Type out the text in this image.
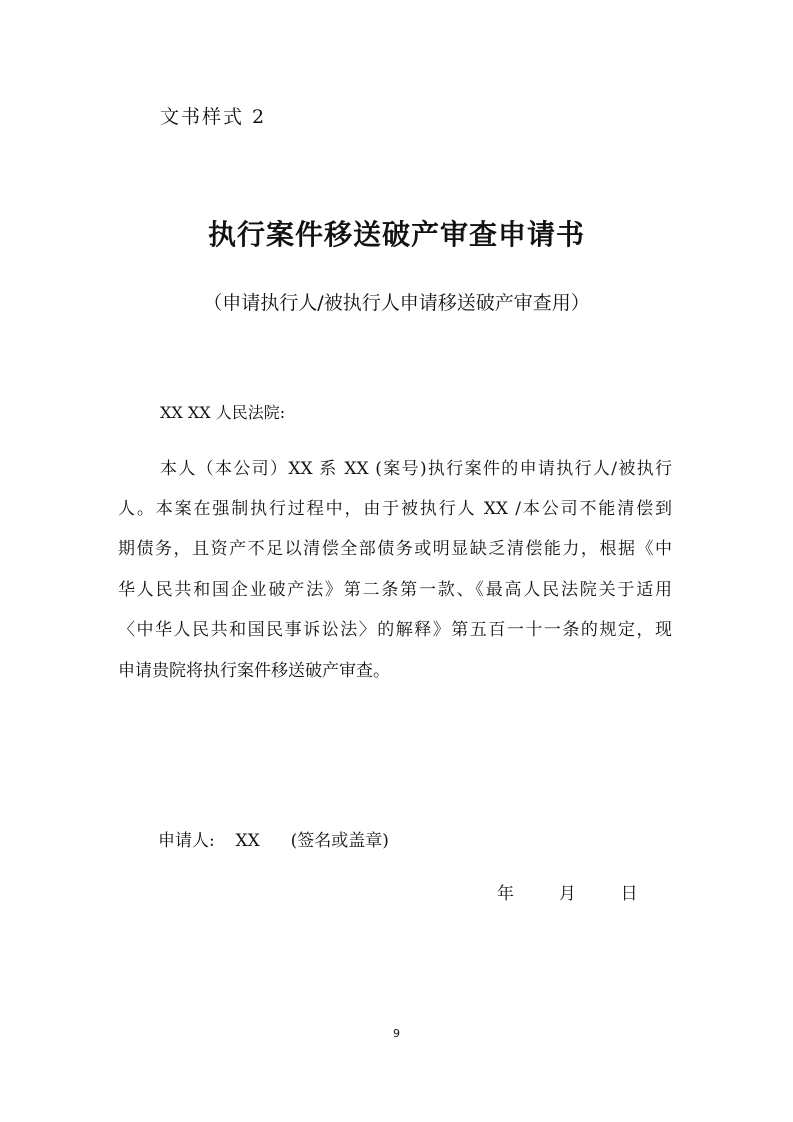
文书样式 2
执行案件移送破产审查申请书
（申请执行人/被执行人申请移送破产审查用）
XX XX 人民法院:
本人（本公司）XX 系 XX (案号)执行案件的申请执行人/被执行
人。本案在强制执行过程中，由于被执行人 XX /本公司不能清偿到
期债务，且资产不足以清偿全部债务或明显缺乏清偿能力，根据《中
华人民共和国企业破产法》第二条第一款、《最高人民法院关于适用
〈中华人民共和国民事诉讼法〉的解释》第五百一十一条的规定，现
申请贵院将执行案件移送破产审查。
申请人: XX (签名或盖章)
年	月	日
9
